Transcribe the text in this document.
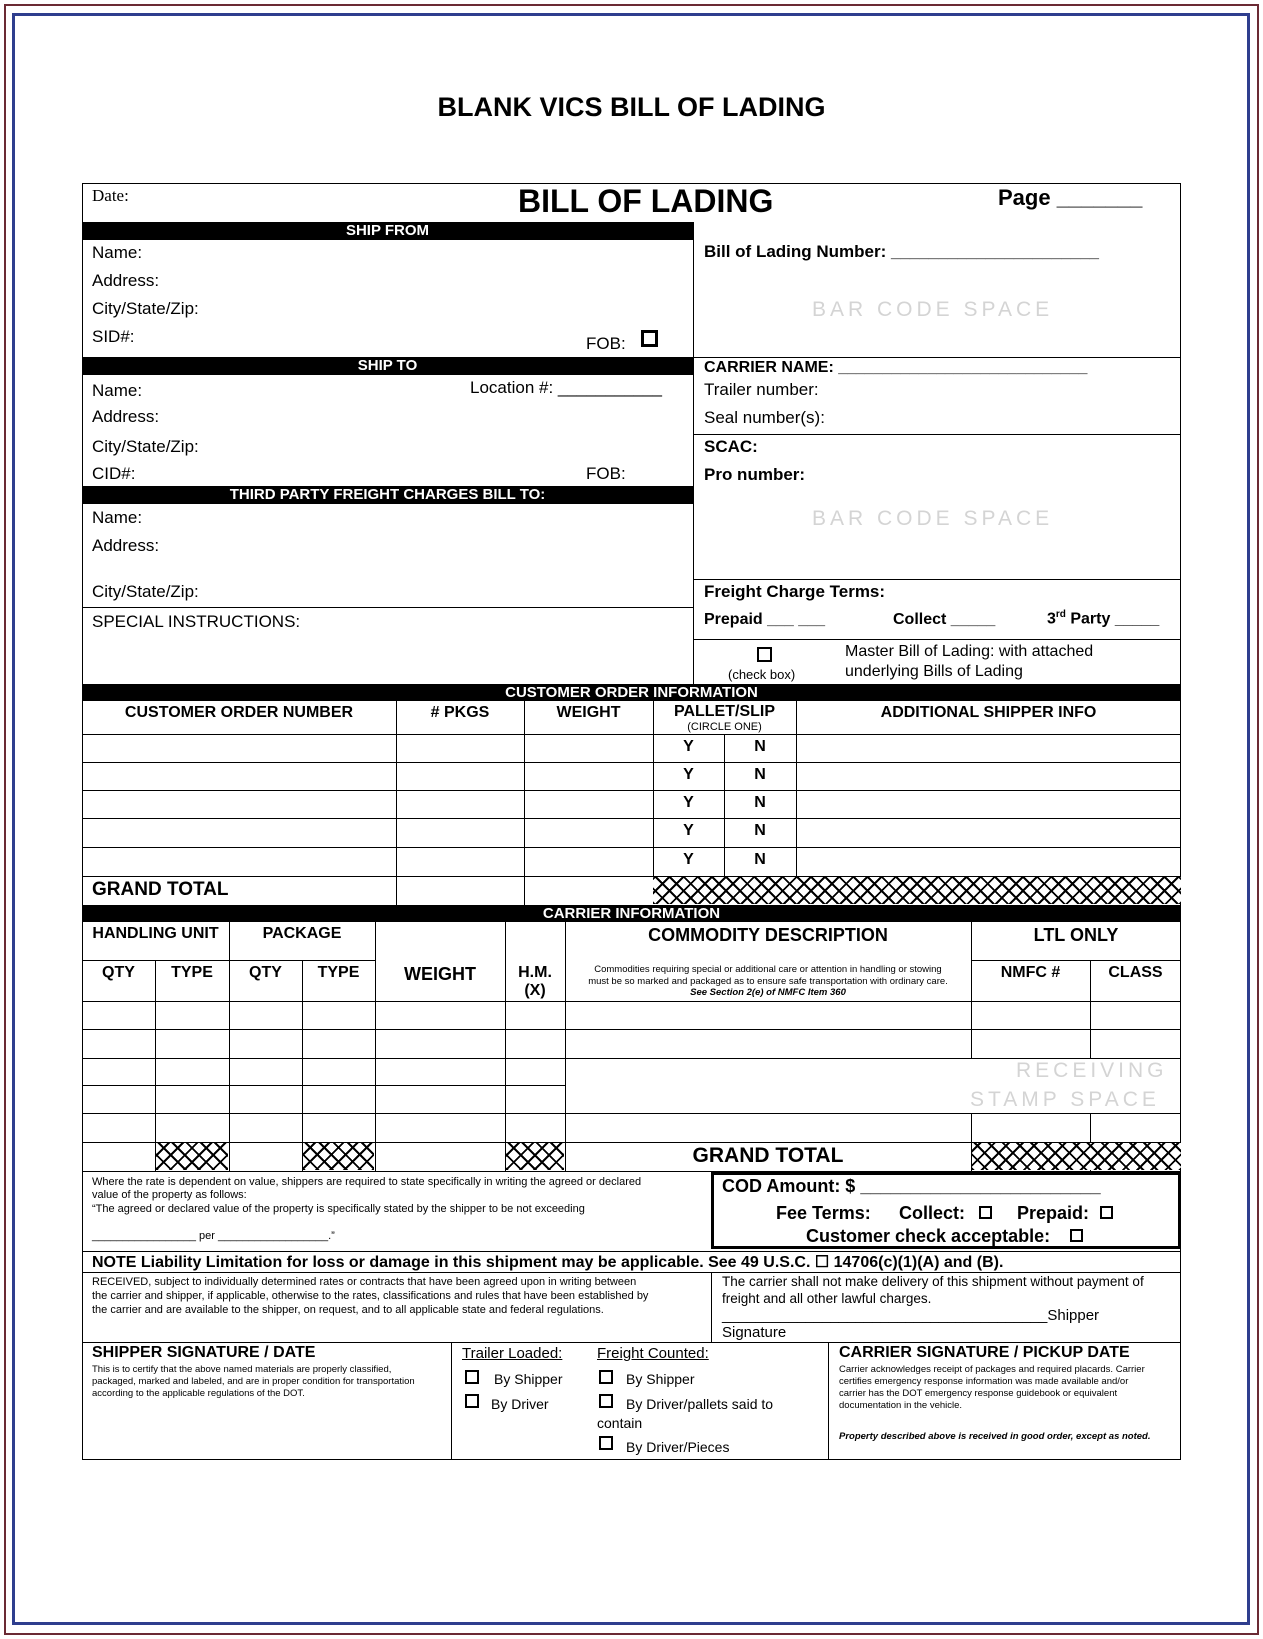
BLANK VICS BILL OF LADING
Date:	BILL OF LADING	Page _______
SHIP FROM
Name:
Address:
City/State/Zip:
SID#:	FOB:
SHIP TO
Name:	Location #: ___________
Address:
City/State/Zip:
CID#:	FOB:
THIRD PARTY FREIGHT CHARGES BILL TO:
Name:
Address:
City/State/Zip:
SPECIAL INSTRUCTIONS:
Bill of Lading Number: ______________________
BAR CODE SPACE
CARRIER NAME: ____________________________
Trailer number:
Seal number(s):
SCAC:
Pro number:
BAR CODE SPACE
Freight Charge Terms:
Prepaid ___ ___	Collect _____	3rd Party _____
(check box)
Master Bill of Lading: with attached
underlying Bills of Lading
CUSTOMER ORDER INFORMATION
CUSTOMER ORDER NUMBER	# PKGS	WEIGHT	PALLET/SLIP
(CIRCLE ONE)
ADDITIONAL SHIPPER INFO
Y	N
Y	N
Y	N
Y	N
Y	N
GRAND TOTAL
CARRIER INFORMATION
HANDLING UNIT	PACKAGE	COMMODITY DESCRIPTION	LTL ONLY
QTY	TYPE	QTY	TYPE	WEIGHT	H.M.
(X)
Commodities requiring special or additional care or attention in handling or stowing
must be so marked and packaged as to ensure safe transportation with ordinary care.
See Section 2(e) of NMFC Item 360
NMFC #	CLASS
RECEIVING
STAMP SPACE
GRAND TOTAL
Where the rate is dependent on value, shippers are required to state specifically in writing the agreed or declared
value of the property as follows:
“The agreed or declared value of the property is specifically stated by the shipper to be not exceeding
_________________ per __________________.”
COD Amount: $ ________________________
Fee Terms: Collect:	Prepaid:
Customer check acceptable:
NOTE Liability Limitation for loss or damage in this shipment may be applicable. See 49 U.S.C. ☐ 14706(c)(1)(A) and (B).
RECEIVED, subject to individually determined rates or contracts that have been agreed upon in writing between
the carrier and shipper, if applicable, otherwise to the rates, classifications and rules that have been established by
the carrier and are available to the shipper, on request, and to all applicable state and federal regulations.
The carrier shall not make delivery of this shipment without payment of
freight and all other lawful charges.
_______________________________________Shipper
Signature
SHIPPER SIGNATURE / DATE
This is to certify that the above named materials are properly classified,
packaged, marked and labeled, and are in proper condition for transportation
according to the applicable regulations of the DOT.
Trailer Loaded:
By Shipper
By Driver
Freight Counted:
By Shipper
By Driver/pallets said to
contain
By Driver/Pieces
CARRIER SIGNATURE / PICKUP DATE
Carrier acknowledges receipt of packages and required placards. Carrier
certifies emergency response information was made available and/or
carrier has the DOT emergency response guidebook or equivalent
documentation in the vehicle.
Property described above is received in good order, except as noted.
